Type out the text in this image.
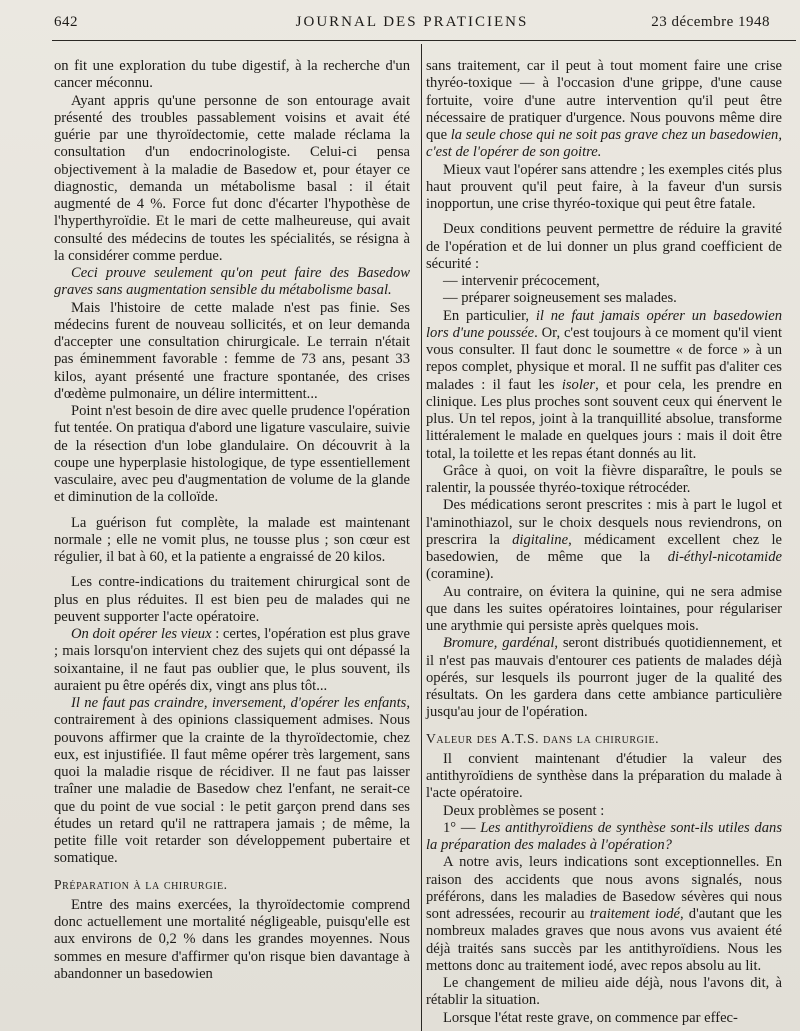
642	JOURNAL DES PRATICIENS	23 décembre 1948

on fit une exploration du tube digestif, à la recherche d'un cancer méconnu.

Ayant appris qu'une personne de son entourage avait présenté des troubles passablement voisins et avait été guérie par une thyroïdectomie, cette malade réclama la consultation d'un endocrinologiste. Celui-ci pensa objectivement à la maladie de Basedow et, pour étayer ce diagnostic, demanda un métabolisme basal : il était augmenté de 4 %. Force fut donc d'écarter l'hypothèse de l'hyperthyroïdie. Et le mari de cette malheureuse, qui avait consulté des médecins de toutes les spécialités, se résigna à la considérer comme perdue.

Ceci prouve seulement qu'on peut faire des Basedow graves sans augmentation sensible du métabolisme basal.

Mais l'histoire de cette malade n'est pas finie. Ses médecins furent de nouveau sollicités, et on leur demanda d'accepter une consultation chirurgicale. Le terrain n'était pas éminemment favorable : femme de 73 ans, pesant 33 kilos, ayant présenté une fracture spontanée, des crises d'œdème pulmonaire, un délire intermittent...

Point n'est besoin de dire avec quelle prudence l'opération fut tentée. On pratiqua d'abord une ligature vasculaire, suivie de la résection d'un lobe glandulaire. On découvrit à la coupe une hyperplasie histologique, de type essentiellement vasculaire, avec peu d'augmentation de volume de la glande et diminution de la colloïde.

La guérison fut complète, la malade est maintenant normale ; elle ne vomit plus, ne tousse plus ; son cœur est régulier, il bat à 60, et la patiente a engraissé de 20 kilos.

Les contre-indications du traitement chirurgical sont de plus en plus réduites. Il est bien peu de malades qui ne peuvent supporter l'acte opératoire.

On doit opérer les vieux : certes, l'opération est plus grave ; mais lorsqu'on intervient chez des sujets qui ont dépassé la soixantaine, il ne faut pas oublier que, le plus souvent, ils auraient pu être opérés dix, vingt ans plus tôt...

Il ne faut pas craindre, inversement, d'opérer les enfants, contrairement à des opinions classiquement admises. Nous pouvons affirmer que la crainte de la thyroïdectomie, chez eux, est injustifiée. Il faut même opérer très largement, sans quoi la maladie risque de récidiver. Il ne faut pas laisser traîner une maladie de Basedow chez l'enfant, ne serait-ce que du point de vue social : le petit garçon prend dans ses études un retard qu'il ne rattrapera jamais ; de même, la petite fille voit retarder son développement pubertaire et somatique.

Préparation à la chirurgie.

Entre des mains exercées, la thyroïdectomie comprend donc actuellement une mortalité négligeable, puisqu'elle est aux environs de 0,2 % dans les grandes moyennes. Nous sommes en mesure d'affirmer qu'on risque bien davantage à abandonner un basedowien

sans traitement, car il peut à tout moment faire une crise thyréo-toxique — à l'occasion d'une grippe, d'une cause fortuite, voire d'une autre intervention qu'il peut être nécessaire de pratiquer d'urgence. Nous pouvons même dire que la seule chose qui ne soit pas grave chez un basedowien, c'est de l'opérer de son goitre.

Mieux vaut l'opérer sans attendre ; les exemples cités plus haut prouvent qu'il peut faire, à la faveur d'un sursis inopportun, une crise thyréo-toxique qui peut être fatale.

Deux conditions peuvent permettre de réduire la gravité de l'opération et de lui donner un plus grand coefficient de sécurité :

— intervenir précocement,

— préparer soigneusement ses malades.

En particulier, il ne faut jamais opérer un basedowien lors d'une poussée. Or, c'est toujours à ce moment qu'il vient vous consulter. Il faut donc le soumettre « de force » à un repos complet, physique et moral. Il ne suffit pas d'aliter ces malades : il faut les isoler, et pour cela, les prendre en clinique. Les plus proches sont souvent ceux qui énervent le plus. Un tel repos, joint à la tranquillité absolue, transforme littéralement le malade en quelques jours : mais il doit être total, la toilette et les repas étant donnés au lit.

Grâce à quoi, on voit la fièvre disparaître, le pouls se ralentir, la poussée thyréo-toxique rétrocéder.

Des médications seront prescrites : mis à part le lugol et l'aminothiazol, sur le choix desquels nous reviendrons, on prescrira la digitaline, médicament excellent chez le basedowien, de même que la di-éthyl-nicotamide (coramine).

Au contraire, on évitera la quinine, qui ne sera admise que dans les suites opératoires lointaines, pour régulariser une arythmie qui persiste après quelques mois.

Bromure, gardénal, seront distribués quotidiennement, et il n'est pas mauvais d'entourer ces patients de malades déjà opérés, sur lesquels ils pourront juger de la qualité des résultats. On les gardera dans cette ambiance particulière jusqu'au jour de l'opération.

Valeur des A.T.S. dans la chirurgie.

Il convient maintenant d'étudier la valeur des antithyroïdiens de synthèse dans la préparation du malade à l'acte opératoire.

Deux problèmes se posent :

1° — Les antithyroïdiens de synthèse sont-ils utiles dans la préparation des malades à l'opération?

A notre avis, leurs indications sont exceptionnelles. En raison des accidents que nous avons signalés, nous préférons, dans les maladies de Basedow sévères qui nous sont adressées, recourir au traitement iodé, d'autant que les nombreux malades graves que nous avons vus avaient été déjà traités sans succès par les antithyroïdiens. Nous les mettons donc au traitement iodé, avec repos absolu au lit.

Le changement de milieu aide déjà, nous l'avons dit, à rétablir la situation.

Lorsque l'état reste grave, on commence par effec-
